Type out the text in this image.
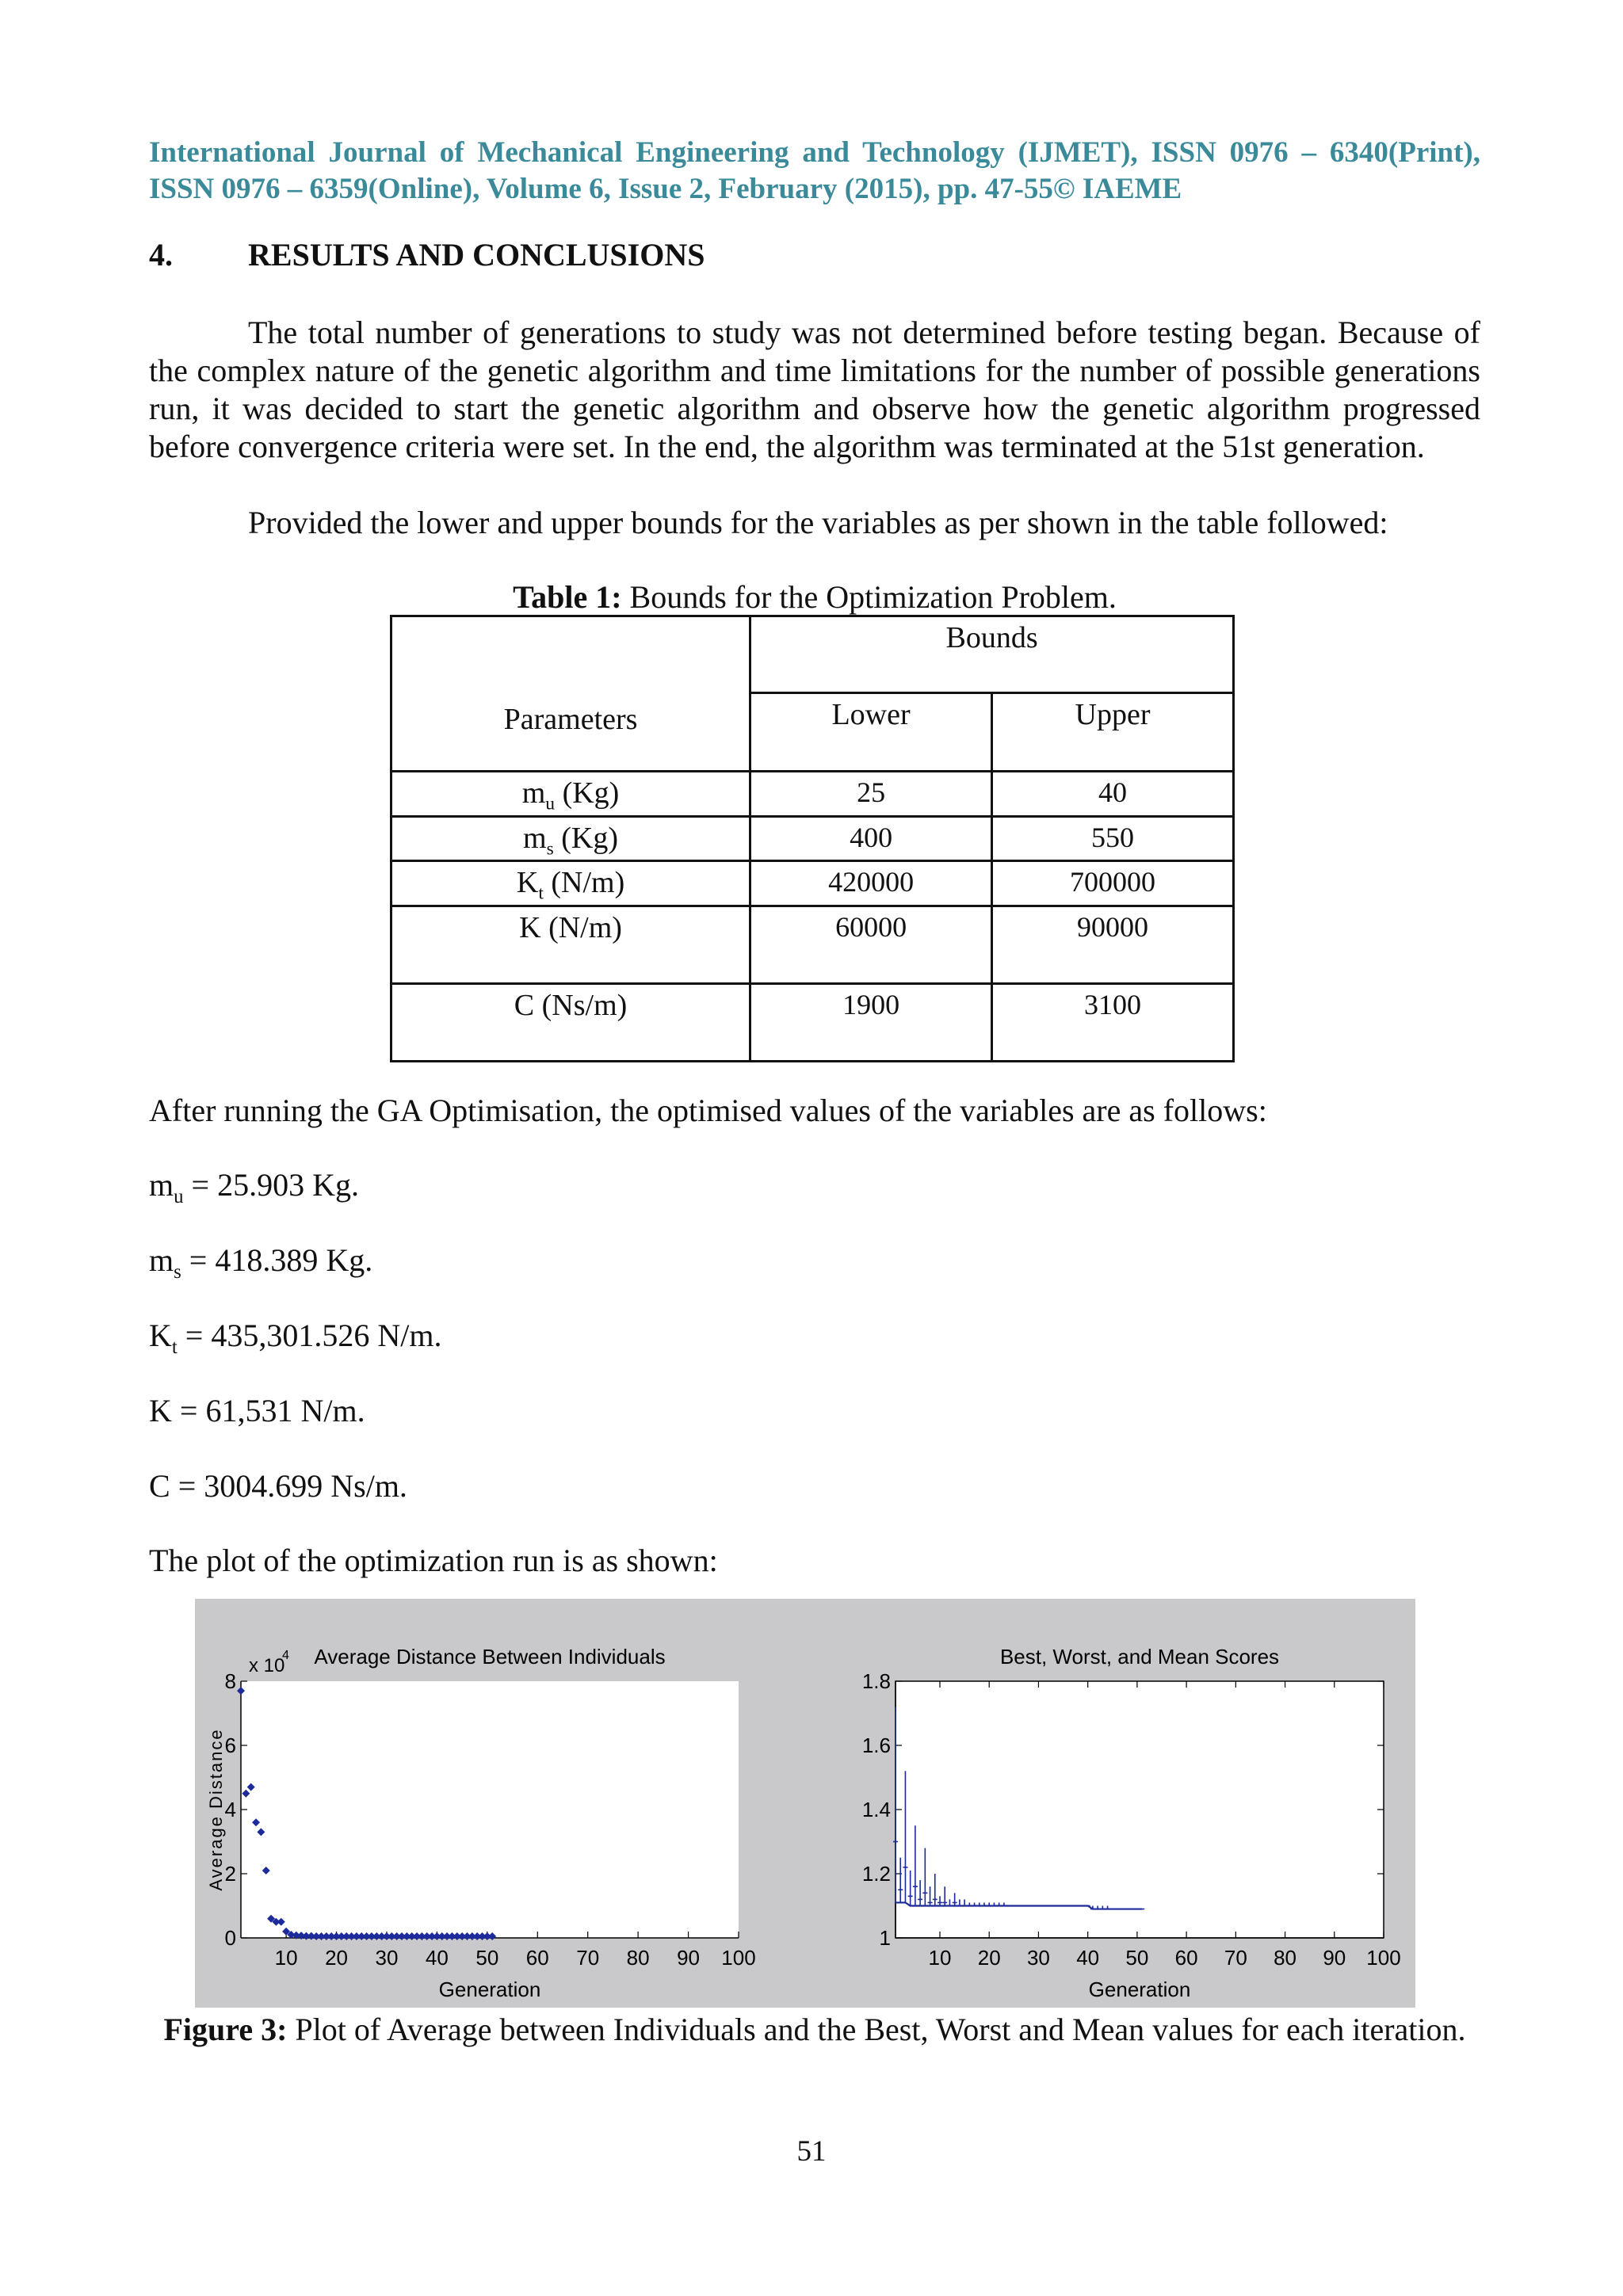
International Journal of Mechanical Engineering and Technology (IJMET), ISSN 0976 – 6340(Print), ISSN 0976 – 6359(Online), Volume 6, Issue 2, February (2015), pp. 47-55© IAEME
4. RESULTS AND CONCLUSIONS
The total number of generations to study was not determined before testing began. Because of the complex nature of the genetic algorithm and time limitations for the number of possible generations run, it was decided to start the genetic algorithm and observe how the genetic algorithm progressed before convergence criteria were set. In the end, the algorithm was terminated at the 51st generation.
Provided the lower and upper bounds for the variables as per shown in the table followed:
Table 1: Bounds for the Optimization Problem.
Parameters	Bounds	
	Lower	Upper
$m_u$ (Kg)	25	40
$m_s$ (Kg)	400	550
$K_t$ (N/m)	420000	700000
K (N/m)	60000	90000
C (Ns/m)	1900	3100
After running the GA Optimisation, the optimised values of the variables are as follows:
$m_u = 25.903$ Kg.
$m_s = 418.389$ Kg.
$K_t = 435,301.526$ N/m.
K = 61,531 N/m.
C = 3004.699 Ns/m.
The plot of the optimization run is as shown:
10 20 30 40 50 60 70 80 90 100
0
2
4
6
8
Average Distance Between Individuals
Generation
Average Distance
x 10
4
10 20 30 40 50 60 70 80 90 100
1
1.2
1.4
1.6
1.8
Best, Worst, and Mean Scores
Generation
Figure 3: Plot of Average between Individuals and the Best, Worst and Mean values for each iteration.
51
